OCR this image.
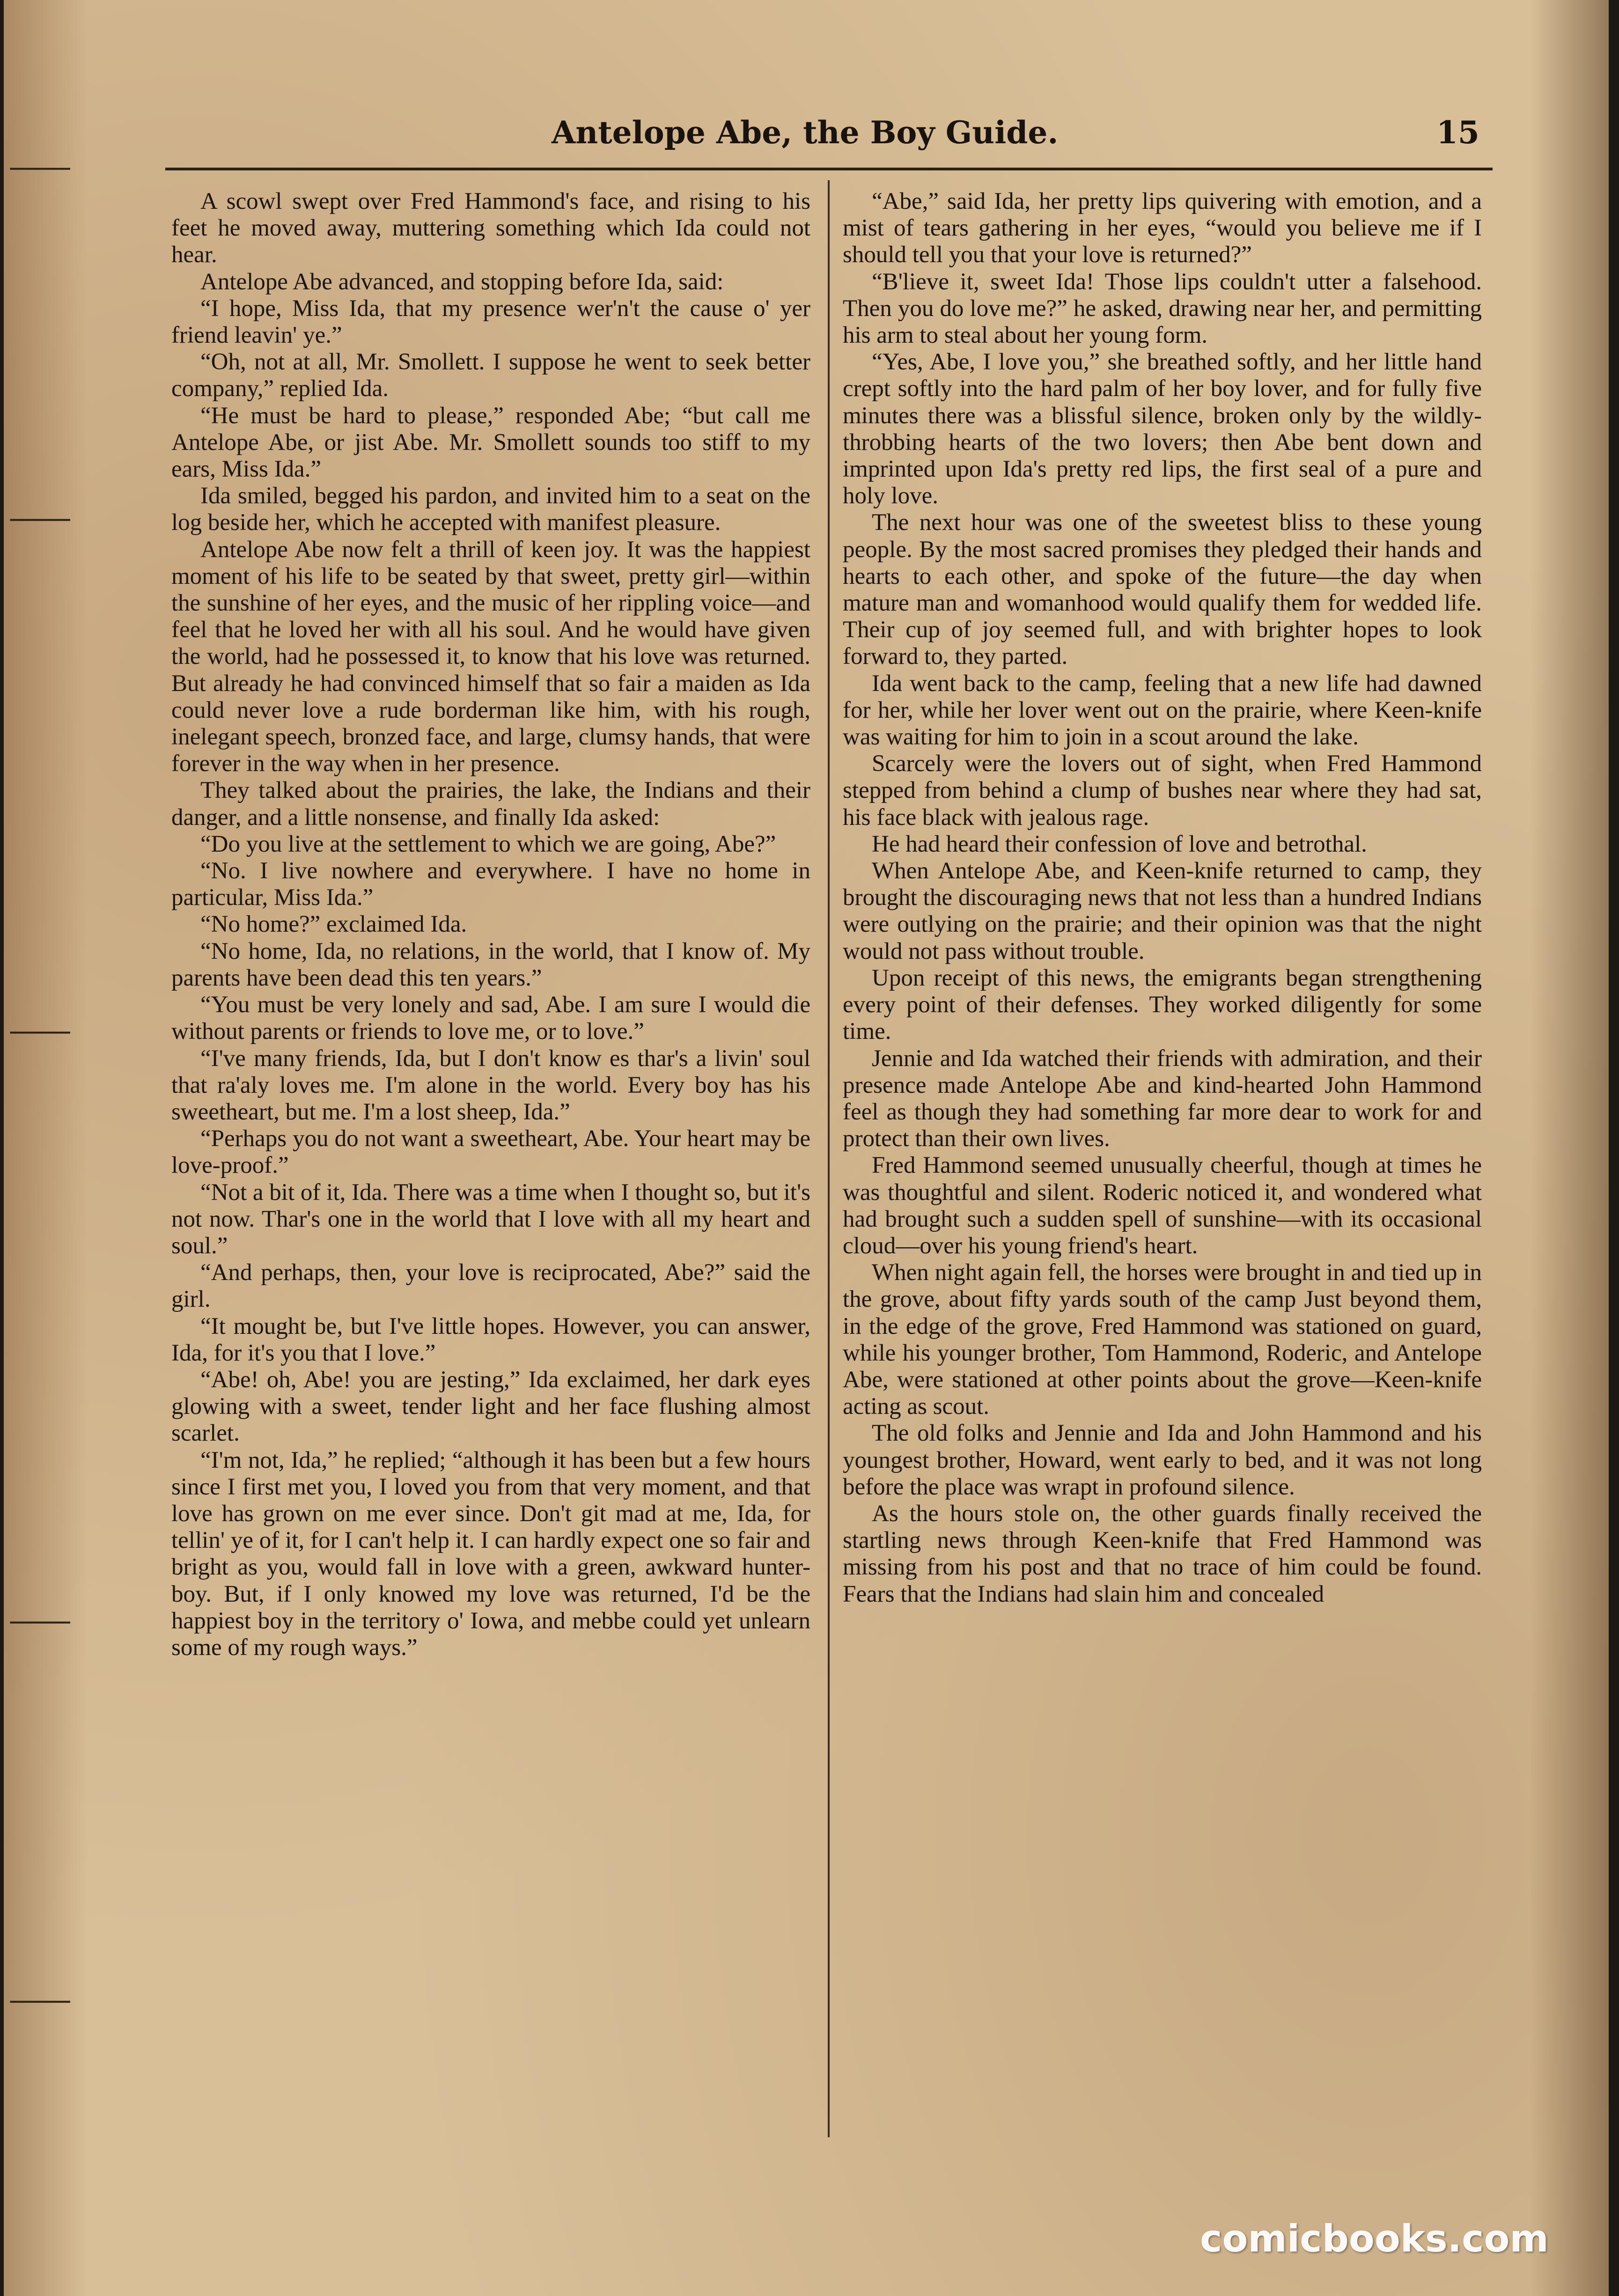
⸺
⸺
⸺
⸺
⸺
Antelope Abe, the Boy Guide.	15

A scowl swept over Fred Hammond's face, and rising to his feet he moved away, muttering something which Ida could not hear.

Antelope Abe advanced, and stopping before Ida, said:

“I hope, Miss Ida, that my presence wer'n't the cause o' yer friend leavin' ye.”

“Oh, not at all, Mr. Smollett. I suppose he went to seek better company,” replied Ida.

“He must be hard to please,” responded Abe; “but call me Antelope Abe, or jist Abe. Mr. Smollett sounds too stiff to my ears, Miss Ida.”

Ida smiled, begged his pardon, and invited him to a seat on the log beside her, which he accepted with manifest pleasure.

Antelope Abe now felt a thrill of keen joy. It was the happiest moment of his life to be seated by that sweet, pretty girl—within the sunshine of her eyes, and the music of her rippling voice—and feel that he loved her with all his soul. And he would have given the world, had he possessed it, to know that his love was returned. But already he had convinced himself that so fair a maiden as Ida could never love a rude borderman like him, with his rough, inelegant speech, bronzed face, and large, clumsy hands, that were forever in the way when in her presence.

They talked about the prairies, the lake, the Indians and their danger, and a little nonsense, and finally Ida asked:

“Do you live at the settlement to which we are going, Abe?”

“No. I live nowhere and everywhere. I have no home in particular, Miss Ida.”

“No home?” exclaimed Ida.

“No home, Ida, no relations, in the world, that I know of. My parents have been dead this ten years.”

“You must be very lonely and sad, Abe. I am sure I would die without parents or friends to love me, or to love.”

“I've many friends, Ida, but I don't know es thar's a livin' soul that ra'aly loves me. I'm alone in the world. Every boy has his sweetheart, but me. I'm a lost sheep, Ida.”

“Perhaps you do not want a sweetheart, Abe. Your heart may be love-proof.”

“Not a bit of it, Ida. There was a time when I thought so, but it's not now. Thar's one in the world that I love with all my heart and soul.”

“And perhaps, then, your love is reciprocated, Abe?” said the girl.

“It mought be, but I've little hopes. However, you can answer, Ida, for it's you that I love.”

“Abe! oh, Abe! you are jesting,” Ida exclaimed, her dark eyes glowing with a sweet, tender light and her face flushing almost scarlet.

“I'm not, Ida,” he replied; “although it has been but a few hours since I first met you, I loved you from that very moment, and that love has grown on me ever since. Don't git mad at me, Ida, for tellin' ye of it, for I can't help it. I can hardly expect one so fair and bright as you, would fall in love with a green, awkward hunter-boy. But, if I only knowed my love was returned, I'd be the happiest boy in the territory o' Iowa, and mebbe could yet unlearn some of my rough ways.”

“Abe,” said Ida, her pretty lips quivering with emotion, and a mist of tears gathering in her eyes, “would you believe me if I should tell you that your love is returned?”

“B'lieve it, sweet Ida! Those lips couldn't utter a falsehood. Then you do love me?” he asked, drawing near her, and permitting his arm to steal about her young form.

“Yes, Abe, I love you,” she breathed softly, and her little hand crept softly into the hard palm of her boy lover, and for fully five minutes there was a blissful silence, broken only by the wildly-throbbing hearts of the two lovers; then Abe bent down and imprinted upon Ida's pretty red lips, the first seal of a pure and holy love.

The next hour was one of the sweetest bliss to these young people. By the most sacred promises they pledged their hands and hearts to each other, and spoke of the future—the day when mature man and womanhood would qualify them for wedded life. Their cup of joy seemed full, and with brighter hopes to look forward to, they parted.

Ida went back to the camp, feeling that a new life had dawned for her, while her lover went out on the prairie, where Keen-knife was waiting for him to join in a scout around the lake.

Scarcely were the lovers out of sight, when Fred Hammond stepped from behind a clump of bushes near where they had sat, his face black with jealous rage.

He had heard their confession of love and betrothal.

When Antelope Abe, and Keen-knife returned to camp, they brought the discouraging news that not less than a hundred Indians were outlying on the prairie; and their opinion was that the night would not pass without trouble.

Upon receipt of this news, the emigrants began strengthening every point of their defenses. They worked diligently for some time.

Jennie and Ida watched their friends with admiration, and their presence made Antelope Abe and kind-hearted John Hammond feel as though they had something far more dear to work for and protect than their own lives.

Fred Hammond seemed unusually cheerful, though at times he was thoughtful and silent. Roderic noticed it, and wondered what had brought such a sudden spell of sunshine—with its occasional cloud—over his young friend's heart.

When night again fell, the horses were brought in and tied up in the grove, about fifty yards south of the camp Just beyond them, in the edge of the grove, Fred Hammond was stationed on guard, while his younger brother, Tom Hammond, Roderic, and Antelope Abe, were stationed at other points about the grove—Keen-knife acting as scout.

The old folks and Jennie and Ida and John Hammond and his youngest brother, Howard, went early to bed, and it was not long before the place was wrapt in profound silence.

As the hours stole on, the other guards finally received the startling news through Keen-knife that Fred Hammond was missing from his post and that no trace of him could be found. Fears that the Indians had slain him and concealed

comicbooks.com
